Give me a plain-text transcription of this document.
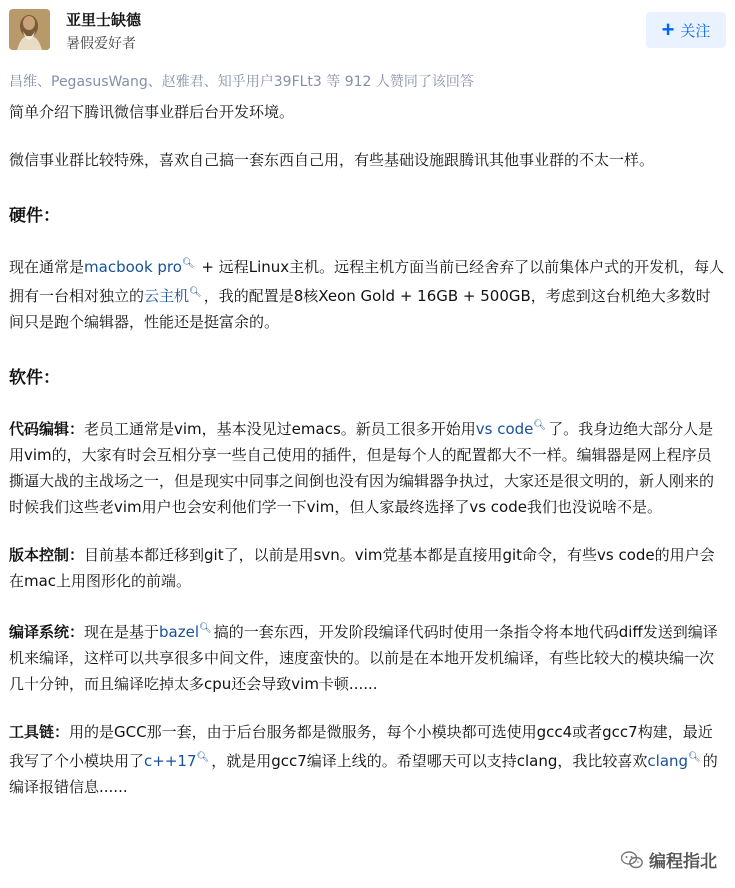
亚里士缺德
暑假爱好者
+ 关注
昌维、PegasusWang、赵雅君、知乎用户39FLt3 等 912 人赞同了该回答

简单介绍下腾讯微信事业群后台开发环境。

微信事业群比较特殊，喜欢自己搞一套东西自己用，有些基础设施跟腾讯其他事业群的不太一样。

硬件：

现在通常是macbook pro🔍︎ + 远程Linux主机。远程主机方面当前已经舍弃了以前集体户式的开发机，每人拥有一台相对独立的云主机🔍︎ ，我的配置是8核Xeon Gold + 16GB + 500GB，考虑到这台机绝大多数时间只是跑个编辑器，性能还是挺富余的。

软件：

代码编辑：老员工通常是vim，基本没见过emacs。新员工很多开始用vs code🔍︎ 了。我身边绝大部分人是用vim的，大家有时会互相分享一些自己使用的插件，但是每个人的配置都大不一样。编辑器是网上程序员撕逼大战的主战场之一，但是现实中同事之间倒也没有因为编辑器争执过，大家还是很文明的，新人刚来的时候我们这些老vim用户也会安利他们学一下vim，但人家最终选择了vs code我们也没说啥不是。

版本控制：目前基本都迁移到git了，以前是用svn。vim党基本都是直接用git命令，有些vs code的用户会在mac上用图形化的前端。

编译系统：现在是基于bazel🔍︎ 搞的一套东西，开发阶段编译代码时使用一条指令将本地代码diff发送到编译机来编译，这样可以共享很多中间文件，速度蛮快的。以前是在本地开发机编译，有些比较大的模块编一次几十分钟，而且编译吃掉太多cpu还会导致vim卡顿......

工具链：用的是GCC那一套，由于后台服务都是微服务，每个小模块都可选使用gcc4或者gcc7构建，最近我写了个小模块用了c++17🔍︎ ，就是用gcc7编译上线的。希望哪天可以支持clang，我比较喜欢clang🔍︎ 的编译报错信息......

编程指北
